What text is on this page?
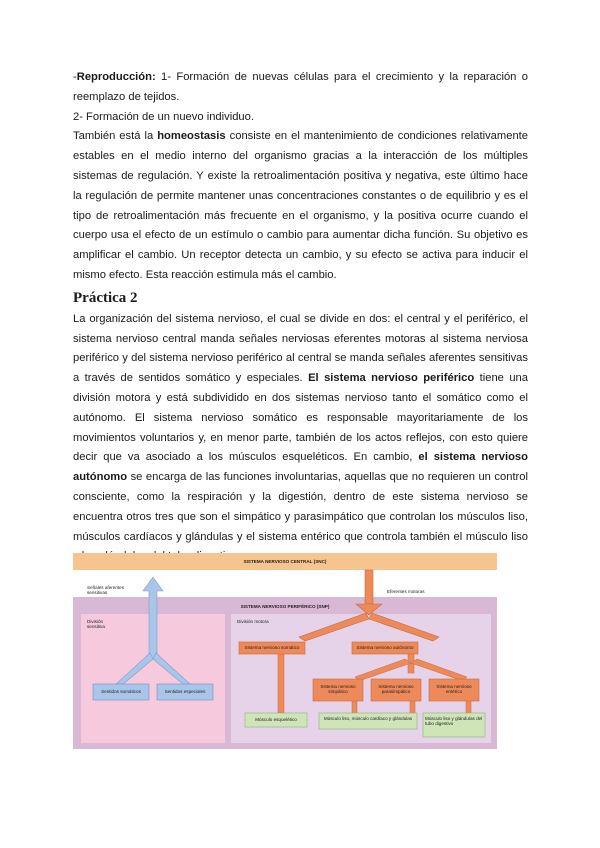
-Reproducción: 1- Formación de nuevas células para el crecimiento y la reparación o reemplazo de tejidos.

2- Formación de un nuevo individuo.

También está la homeostasis consiste en el mantenimiento de condiciones relativamente estables en el medio interno del organismo gracias a la interacción de los múltiples sistemas de regulación. Y existe la retroalimentación positiva y negativa, este último hace la regulación de permite mantener unas concentraciones constantes o de equilibrio y es el tipo de retroalimentación más frecuente en el organismo, y la positiva ocurre cuando el cuerpo usa el efecto de un estímulo o cambio para aumentar dicha función. Su objetivo es amplificar el cambio. Un receptor detecta un cambio, y su efecto se activa para inducir el mismo efecto. Esta reacción estimula más el cambio.

Práctica 2

La organización del sistema nervioso, el cual se divide en dos: el central y el periférico, el sistema nervioso central manda señales nerviosas eferentes motoras al sistema nerviosa periférico y del sistema nervioso periférico al central se manda señales aferentes sensitivas a través de sentidos somático y especiales. El sistema nervioso periférico tiene una división motora y está subdividido en dos sistemas nervioso tanto el somático como el autónomo. El sistema nervioso somático es responsable mayoritariamente de los movimientos voluntarios y, en menor parte, también de los actos reflejos, con esto quiere decir que va asociado a los músculos esqueléticos. En cambio, el sistema nervioso autónomo se encarga de las funciones involuntarias, aquellas que no requieren un control consciente, como la respiración y la digestión, dentro de este sistema nervioso se encuentra otros tres que son el simpático y parasimpático que controlan los músculos liso, músculos cardíacos y glándulas y el sistema entérico que controla también el músculo liso

SISTEMA NERVIOSO CENTRAL (SNC)
Señales aferentes sensitivas	Eferentes motoras
SISTEMA NERVIOSO PERIFÉRICO (SNP)
División sensitiva
División motora
Sentidos somáticos	Sentidos especiales
Sistema nervioso somático	Sistema nervioso autónomo
Sistema nervioso simpático
Sistema nervioso parasimpático
Sistema nervioso entérico
Músculo esquelético	Músculo liso, músculo cardíaco y glándulas	Músculo liso y glándulas del tubo digestivo
